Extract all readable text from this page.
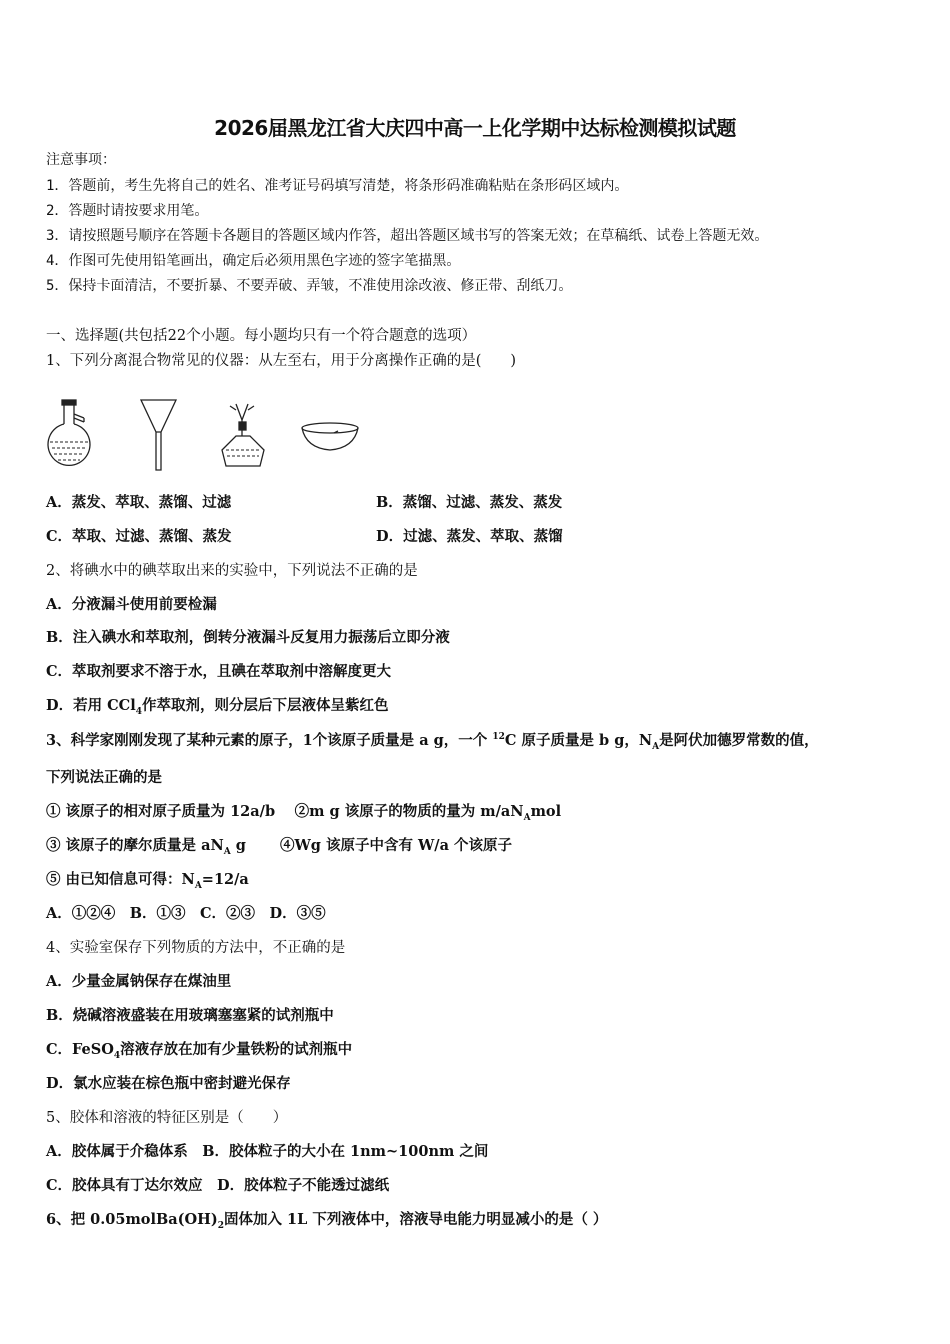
2026届黑龙江省大庆四中高一上化学期中达标检测模拟试题
注意事项：
1．答题前，考生先将自己的姓名、准考证号码填写清楚，将条形码准确粘贴在条形码区域内。
2．答题时请按要求用笔。
3．请按照题号顺序在答题卡各题目的答题区域内作答，超出答题区域书写的答案无效；在草稿纸、试卷上答题无效。
4．作图可先使用铅笔画出，确定后必须用黑色字迹的签字笔描黑。
5．保持卡面清洁，不要折暴、不要弄破、弄皱，不准使用涂改液、修正带、刮纸刀。
一、选择题(共包括22个小题。每小题均只有一个符合题意的选项）
1、下列分离混合物常见的仪器：从左至右，用于分离操作正确的是(　　)
A．蒸发、萃取、蒸馏、过滤	B．蒸馏、过滤、蒸发、蒸发
C．萃取、过滤、蒸馏、蒸发	D．过滤、蒸发、萃取、蒸馏
2、将碘水中的碘萃取出来的实验中，下列说法不正确的是
A．分液漏斗使用前要检漏
B．注入碘水和萃取剂，倒转分液漏斗反复用力振荡后立即分液
C．萃取剂要求不溶于水，且碘在萃取剂中溶解度更大
D．若用 CCl$_4$作萃取剂，则分层后下层液体呈紫红色
3、科学家刚刚发现了某种元素的原子，1个该原子质量是 a g，一个 $^{12}$C 原子质量是 b g，$N_A$是阿伏加德罗常数的值，
下列说法正确的是
① 该原子的相对原子质量为 12a/b　 ②m g 该原子的物质的量为 $m/aN_Amol$
③ 该原子的摩尔质量是 $aN_A$ g　　 ④Wg 该原子中含有 W/a 个该原子
⑤ 由已知信息可得：$N_A=12/a$
A．①②④　B．①③　C．②③　D．③⑤
4、实验室保存下列物质的方法中，不正确的是
A．少量金属钠保存在煤油里
B．烧碱溶液盛装在用玻璃塞塞紧的试剂瓶中
C．FeSO$_4$溶液存放在加有少量铁粉的试剂瓶中
D．氯水应装在棕色瓶中密封避光保存
5、胶体和溶液的特征区别是（　　）
A．胶体属于介稳体系　B．胶体粒子的大小在 1nm~100nm 之间
C．胶体具有丁达尔效应　D．胶体粒子不能透过滤纸
6、把 $0.05molBa(OH)_2$固体加入 1L 下列液体中，溶液导电能力明显减小的是（ ）
